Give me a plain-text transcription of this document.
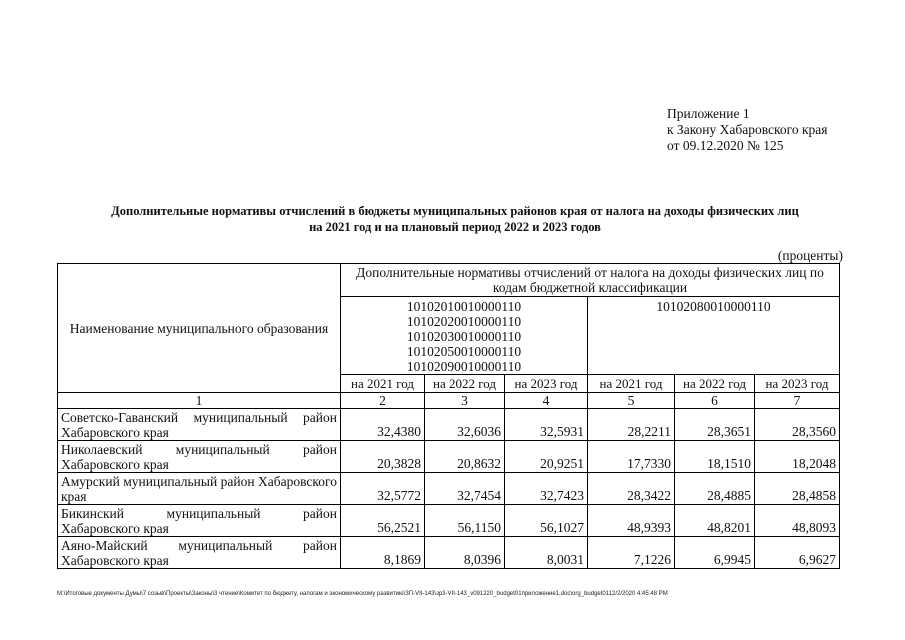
Приложение 1
к Закону Хабаровского края
от 09.12.2020 № 125
Дополнительные нормативы отчислений в бюджеты муниципальных районов края от налога на доходы физических лиц
на 2021 год и на плановый период 2022 и 2023 годов
(проценты)
Наименование муниципального образования	Дополнительные нормативы отчислений от налога на доходы физических лиц по кодам бюджетной классификации					

	10102010010000110
10102020010000110
10102030010000110
10102050010000110
10102090010000110			10102080010000110		

	на 2021 год	на 2022 год	на 2023 год	на 2021 год	на 2022 год	на 2023 год
1	2	3	4	5	6	7
Советско-Гаванский муниципальный район Хабаровского края	32,4380	32,6036	32,5931	28,2211	28,3651	28,3560
Николаевский муниципальный район Хабаровского края	20,3828	20,8632	20,9251	17,7330	18,1510	18,2048
Амурский муниципальный район Хабаровского края	32,5772	32,7454	32,7423	28,3422	28,4885	28,4858
Бикинский муниципальный район Хабаровского края	56,2521	56,1150	56,1027	48,9393	48,8201	48,8093
Аяно-Майский муниципальный район Хабаровского края	8,1869	8,0396	8,0031	7,1226	6,9945	6,9627
M:\Итоговые документы Думы\7 созыв\Проекты\Законы\3 чтение\Комитет по бюджету, налогам и экономическому развитию\ЗП-VII-143\зр3-VII-143_v091220_budget01приложение1.doc\org_budget0112/2/2020 4:45:48 PM
